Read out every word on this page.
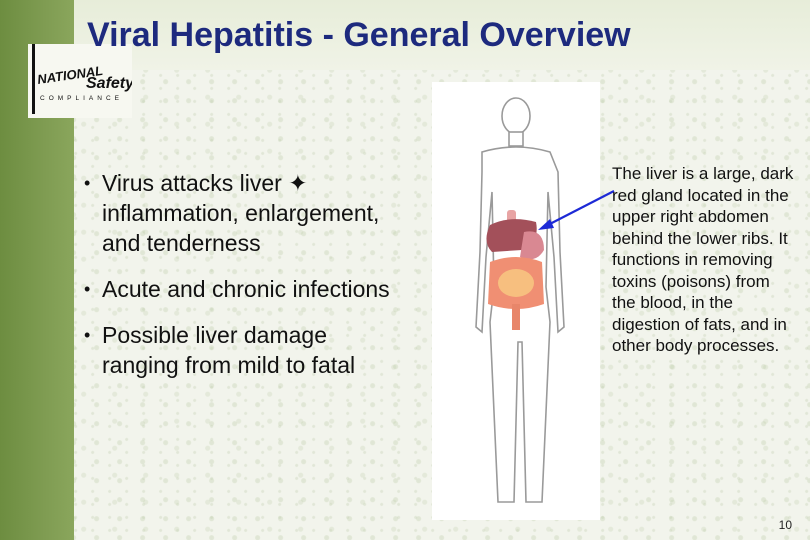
NATIONAL
Safety
COMPLIANCE
Viral Hepatitis - General Overview
• Virus attacks liver ✦
inflammation, enlargement, and tenderness
• Acute and chronic infections
• Possible liver damage ranging from mild to fatal
The liver is a large, dark red gland located in the upper right abdomen behind the lower ribs. It functions in removing toxins (poisons) from the blood, in the digestion of fats, and in other body processes.
10
